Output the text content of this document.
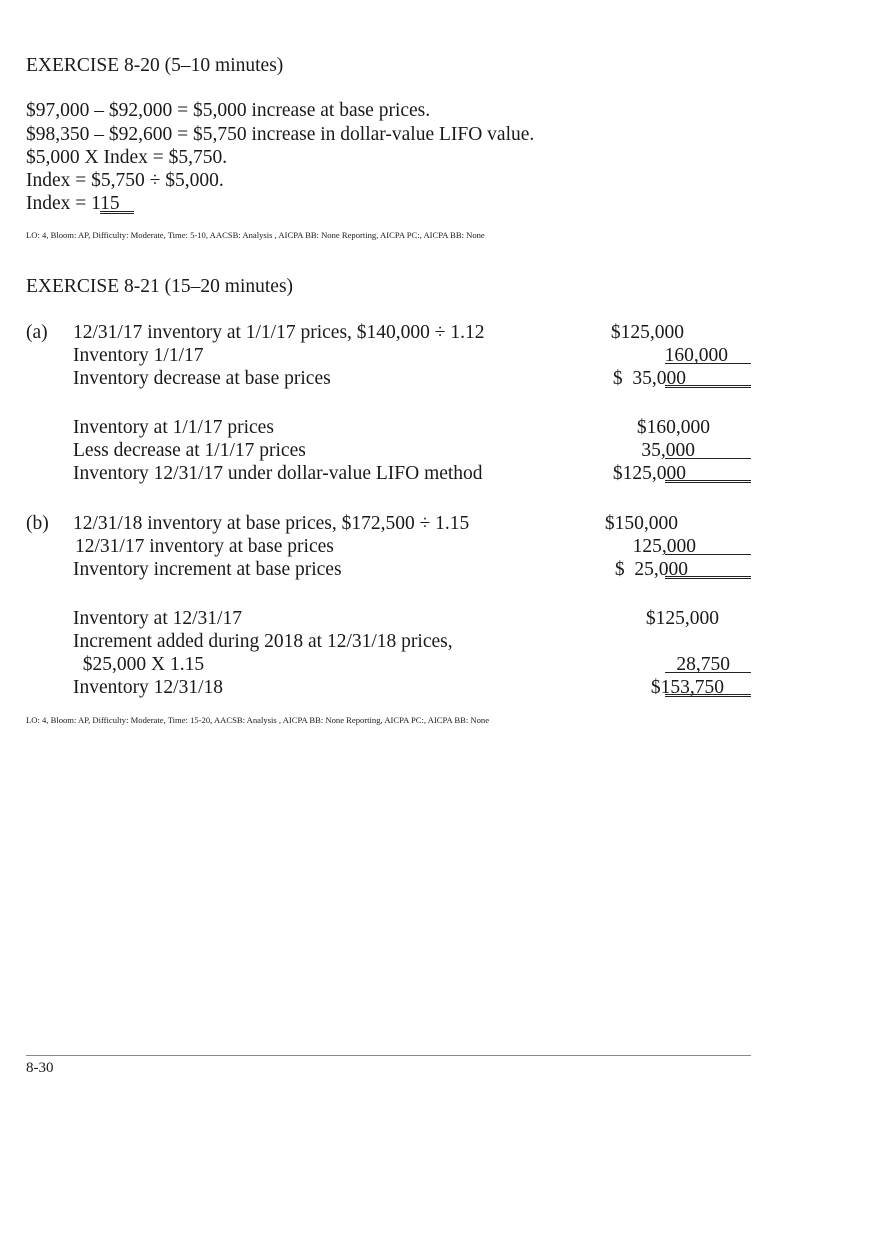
EXERCISE 8-20 (5–10 minutes)
$97,000 – $92,000 = $5,000 increase at base prices.
$98,350 – $92,600 = $5,750 increase in dollar-value LIFO value.
$5,000 X Index = $5,750.
Index = $5,750 ÷ $5,000.
Index = 115
LO: 4, Bloom: AP, Difficulty: Moderate, Time: 5-10, AACSB: Analysis , AICPA BB: None Reporting, AICPA PC:, AICPA BB: None
EXERCISE 8-21 (15–20 minutes)
(a) 12/31/17 inventory at 1/1/17 prices, $140,000 ÷ 1.12	$125,000
Inventory 1/1/17	160,000
Inventory decrease at base prices	$  35,000
Inventory at 1/1/17 prices	$160,000
Less decrease at 1/1/17 prices	35,000
Inventory 12/31/17 under dollar-value LIFO method	$125,000
(b) 12/31/18 inventory at base prices, $172,500 ÷ 1.15	$150,000
12/31/17 inventory at base prices	125,000
Inventory increment at base prices	$  25,000
Inventory at 12/31/17	$125,000
Increment added during 2018 at 12/31/18 prices,
$25,000 X 1.15	28,750
Inventory 12/31/18	$153,750
LO: 4, Bloom: AP, Difficulty: Moderate, Time: 15-20, AACSB: Analysis , AICPA BB: None Reporting, AICPA PC:, AICPA BB: None
8-30
